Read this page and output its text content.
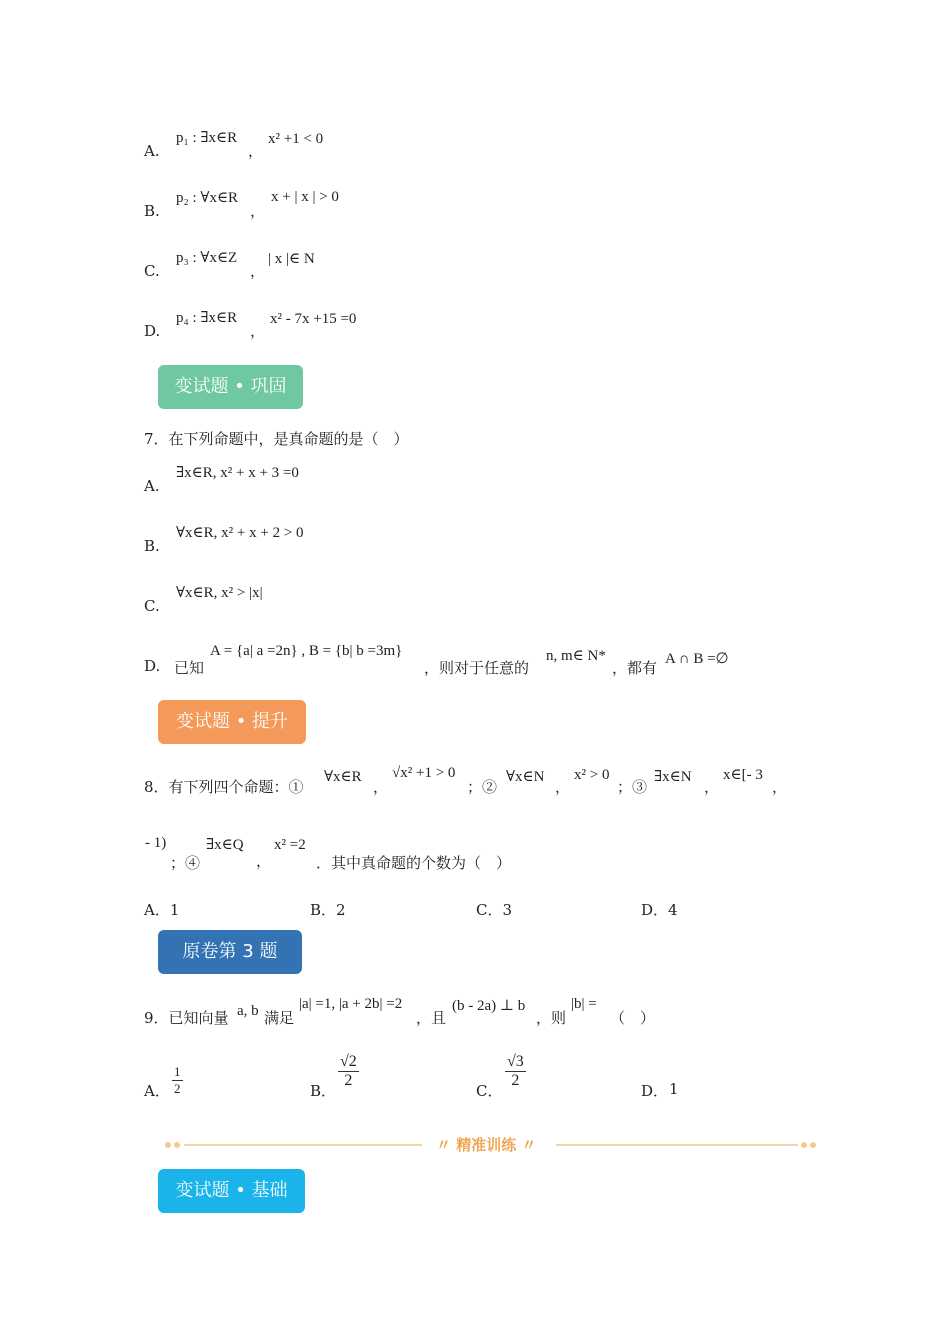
A.
p₁ : ∃x∈R
，
x² +1 < 0
B.
p₂ : ∀x∈R
，
x + | x | > 0
C.
p₃ : ∀x∈Z
，
| x |∈ N
D.
p₄ : ∃x∈R
，
x² - 7x +15 =0
变试题 • 巩固
7．在下列命题中，是真命题的是（　）
A.
∃x∈R, x² + x + 3 =0
B.
∀x∈R, x² + x + 2 > 0
C.
∀x∈R, x² > |x|
D. 已知
A = {a| a =2n} , B = {b| b =3m}
，则对于任意的
n, m∈ N*
，都有 A ∩ B =∅
变试题 • 提升
8．有下列四个命题：①
∀x∈R
，
√x² +1 > 0
；②
∀x∈N
，
x² > 0
；③
∃x∈N
，
x∈[- 3
，
- 1)
；④
∃x∈Q
，
x² =2
．其中真命题的个数为（　）
A．1	B．2	C．3	D．4
原卷第 3 题
9．已知向量 a, b 满足
|a| =1, |a + 2b| =2
，且
(b - 2a) ⊥ b
，则
|b| =
（　）
A． $\frac{1}{2}$	B．
$\frac{√2}{2}$
C．
$\frac{√3}{2}$
D． 1
〃 精准训练 〃
变试题 • 基础
